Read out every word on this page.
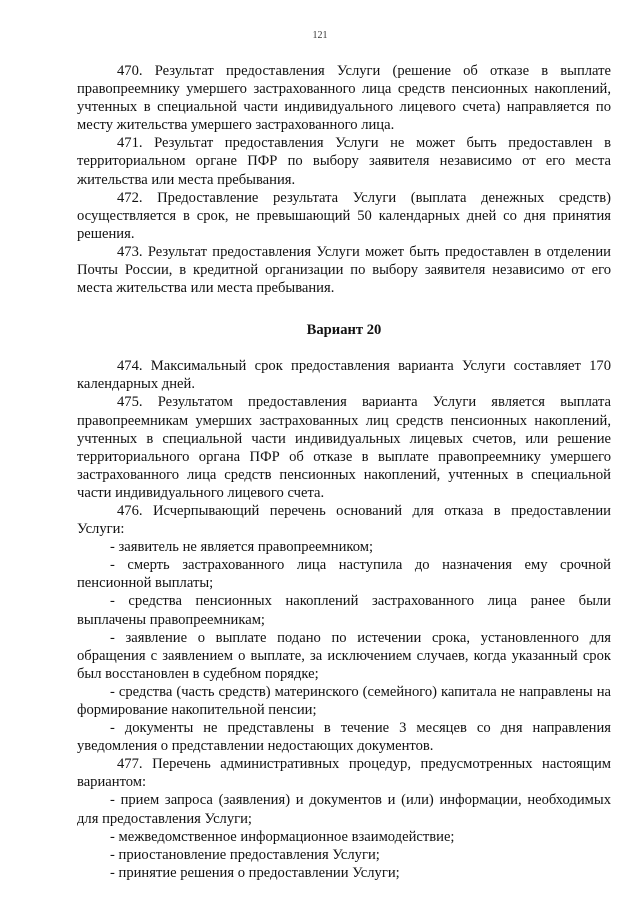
121

470. Результат предоставления Услуги (решение об отказе в выплате правопреемнику умершего застрахованного лица средств пенсионных накоплений, учтенных в специальной части индивидуального лицевого счета) направляется по месту жительства умершего застрахованного лица.

471. Результат предоставления Услуги не может быть предоставлен в территориальном органе ПФР по выбору заявителя независимо от его места жительства или места пребывания.

472. Предоставление результата Услуги (выплата денежных средств) осуществляется в срок, не превышающий 50 календарных дней со дня принятия решения.

473. Результат предоставления Услуги может быть предоставлен в отделении Почты России, в кредитной организации по выбору заявителя независимо от его места жительства или места пребывания.

Вариант 20

474. Максимальный срок предоставления варианта Услуги составляет 170 календарных дней.

475. Результатом предоставления варианта Услуги является выплата правопреемникам умерших застрахованных лиц средств пенсионных накоплений, учтенных в специальной части индивидуальных лицевых счетов, или решение территориального органа ПФР об отказе в выплате правопреемнику умершего застрахованного лица средств пенсионных накоплений, учтенных в специальной части индивидуального лицевого счета.

476. Исчерпывающий перечень оснований для отказа в предоставлении Услуги:

- заявитель не является правопреемником;

- смерть застрахованного лица наступила до назначения ему срочной пенсионной выплаты;

- средства пенсионных накоплений застрахованного лица ранее были выплачены правопреемникам;

- заявление о выплате подано по истечении срока, установленного для обращения с заявлением о выплате, за исключением случаев, когда указанный срок был восстановлен в судебном порядке;

- средства (часть средств) материнского (семейного) капитала не направлены на формирование накопительной пенсии;

- документы не представлены в течение 3 месяцев со дня направления уведомления о представлении недостающих документов.

477. Перечень административных процедур, предусмотренных настоящим вариантом:

- прием запроса (заявления) и документов и (или) информации, необходимых для предоставления Услуги;

- межведомственное информационное взаимодействие;

- приостановление предоставления Услуги;

- принятие решения о предоставлении Услуги;
